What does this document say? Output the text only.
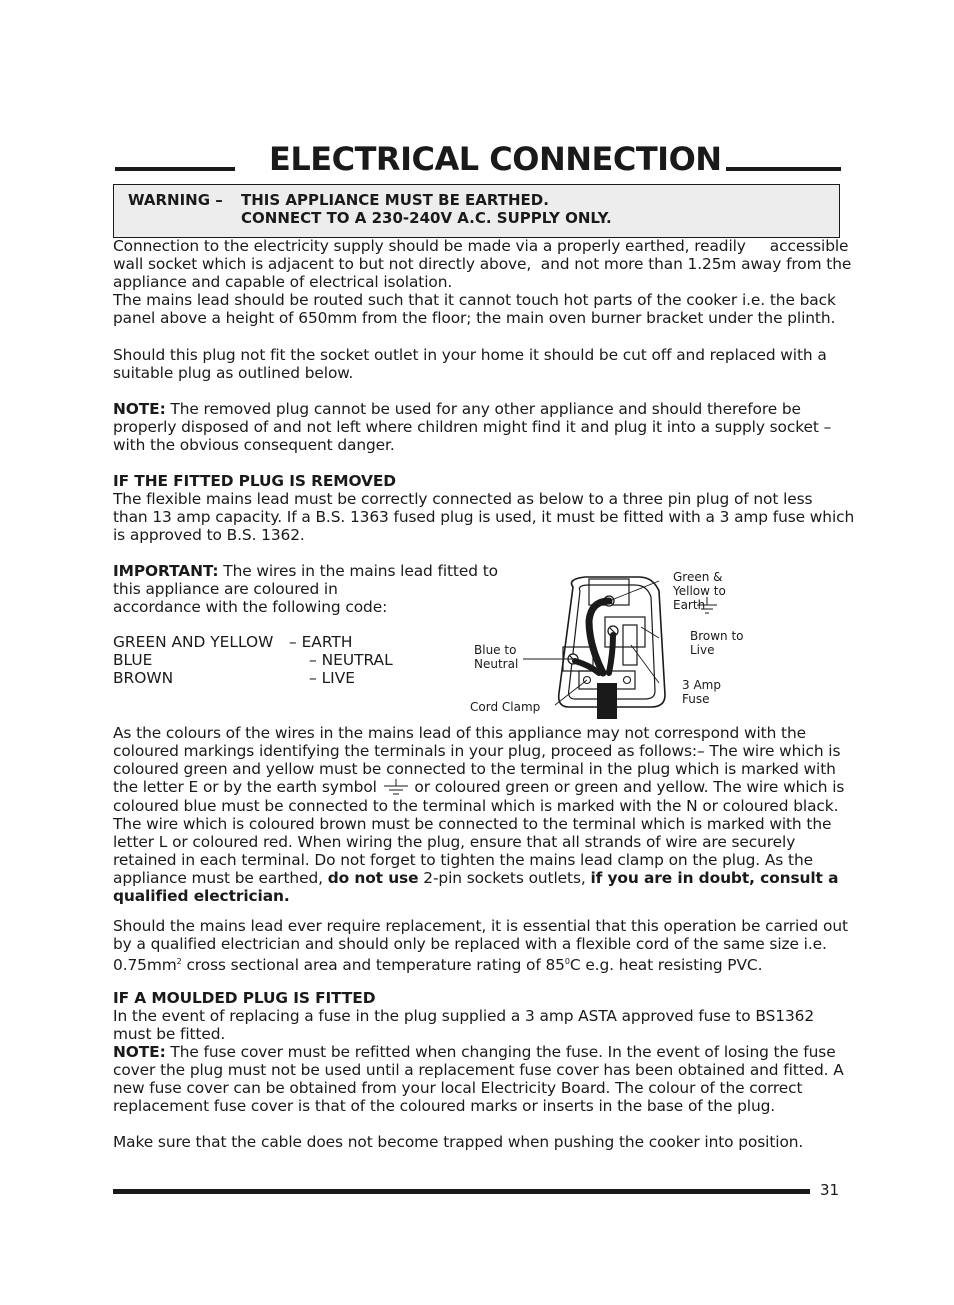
ELECTRICAL CONNECTION
WARNING – THIS APPLIANCE MUST BE EARTHED.
CONNECT TO A 230-240V A.C. SUPPLY ONLY.
Connection to the electricity supply should be made via a properly earthed, readily     accessible
wall socket which is adjacent to but not directly above,  and not more than 1.25m away from the
appliance and capable of electrical isolation.
The mains lead should be routed such that it cannot touch hot parts of the cooker i.e. the back
panel above a height of 650mm from the floor; the main oven burner bracket under the plinth.
Should this plug not fit the socket outlet in your home it should be cut off and replaced with a
suitable plug as outlined below.
NOTE: The removed plug cannot be used for any other appliance and should therefore be
properly disposed of and not left where children might find it and plug it into a supply socket –
with the obvious consequent danger.
IF THE FITTED PLUG IS REMOVED
The flexible mains lead must be correctly connected as below to a three pin plug of not less
than 13 amp capacity. If a B.S. 1363 fused plug is used, it must be fitted with a 3 amp fuse which
is approved to B.S. 1362.
IMPORTANT: The wires in the mains lead fitted to
this appliance are coloured in
accordance with the following code:
GREEN AND YELLOW – EARTH
BLUE	– NEUTRAL
BROWN	– LIVE
Green &
Yellow to
Earth
Brown to
Live
Blue to
Neutral
3 Amp
Fuse
Cord Clamp
As the colours of the wires in the mains lead of this appliance may not correspond with the
coloured markings identifying the terminals in your plug, proceed as follows:– The wire which is
coloured green and yellow must be connected to the terminal in the plug which is marked with
the letter E or by the earth symbol  or coloured green or green and yellow. The wire which is
coloured blue must be connected to the terminal which is marked with the N or coloured black.
The wire which is coloured brown must be connected to the terminal which is marked with the
letter L or coloured red. When wiring the plug, ensure that all strands of wire are securely
retained in each terminal. Do not forget to tighten the mains lead clamp on the plug. As the
appliance must be earthed, do not use 2-pin sockets outlets, if you are in doubt, consult a
qualified electrician.
Should the mains lead ever require replacement, it is essential that this operation be carried out
by a qualified electrician and should only be replaced with a flexible cord of the same size i.e.
$0.75mm^2$ cross sectional area and temperature rating of $85^0C$ e.g. heat resisting PVC.
IF A MOULDED PLUG IS FITTED
In the event of replacing a fuse in the plug supplied a 3 amp ASTA approved fuse to BS1362
must be fitted.
NOTE: The fuse cover must be refitted when changing the fuse. In the event of losing the fuse
cover the plug must not be used until a replacement fuse cover has been obtained and fitted. A
new fuse cover can be obtained from your local Electricity Board. The colour of the correct
replacement fuse cover is that of the coloured marks or inserts in the base of the plug.
Make sure that the cable does not become trapped when pushing the cooker into position.
31
